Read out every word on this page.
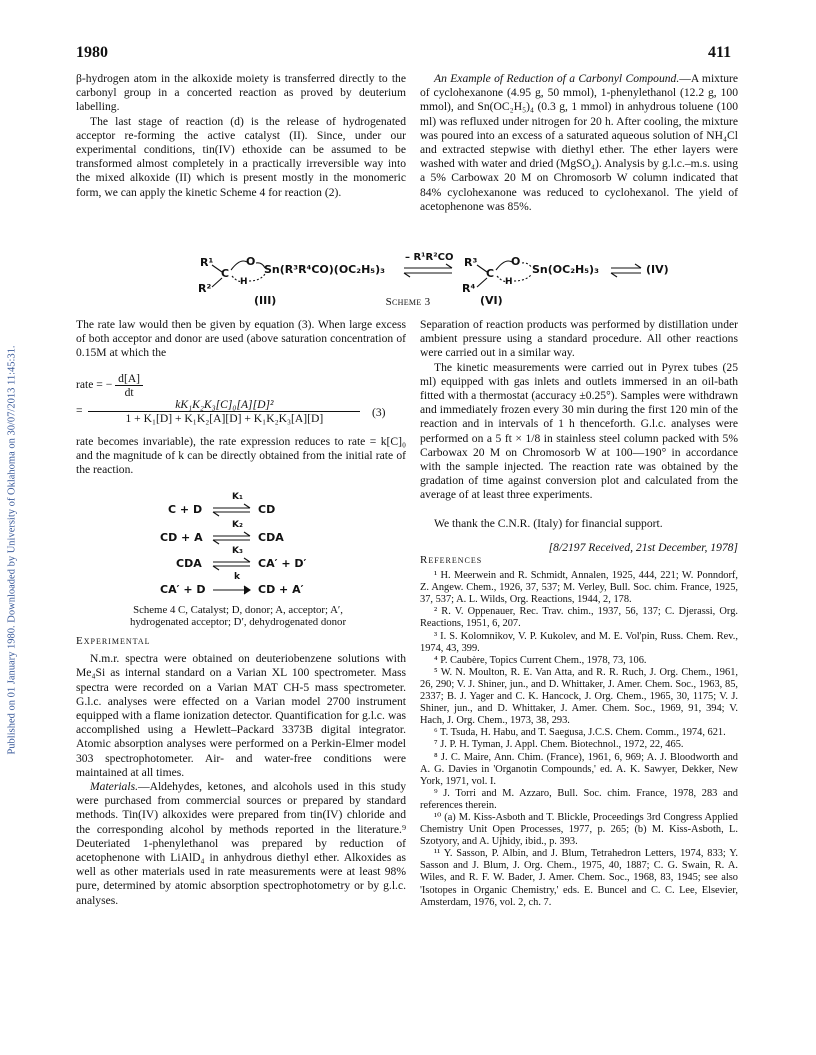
1980	411
Published on 01 January 1980. Downloaded by University of Oklahoma on 30/07/2013 11:45:31.

β-hydrogen atom in the alkoxide moiety is transferred directly to the carbonyl group in a concerted reaction as proved by deuterium labelling.

The last stage of reaction (d) is the release of hydrogenated acceptor re-forming the active catalyst (II). Since, under our experimental conditions, tin(IV) ethoxide can be assumed to be transformed almost completely in a practically irreversible way into the mixed alkoxide (II) which is present mostly in the monomeric form, we can apply the kinetic Scheme 4 for reaction (2).

An Example of Reduction of a Carbonyl Compound.—A mixture of cyclohexanone (4.95 g, 50 mmol), 1-phenylethanol (12.2 g, 100 mmol), and Sn(OC₂H₅)₄ (0.3 g, 1 mmol) in anhydrous toluene (100 ml) was refluxed under nitrogen for 20 h. After cooling, the mixture was poured into an excess of a saturated aqueous solution of NH₄Cl and extracted stepwise with diethyl ether. The ether layers were washed with water and dried (MgSO₄). Analysis by g.l.c.–m.s. using a 5% Carbowax 20 M on Chromosorb W column indicated that 84% cyclohexanone was reduced to cyclohexanol. The yield of acetophenone was 85%.

R¹
R²
C
O
H
Sn(R³R⁴CO)(OC₂H₅)₃
– R¹R²CO R³
R⁴
C
O
H
Sn(OC₂H₅)₃	(IV)
(III)	(VI)
Scheme 3

The rate law would then be given by equation (3). When large excess of both acceptor and donor are used (above saturation concentration of 0.15M at which the

rate = − $\frac{d[A]}{dt}$
= $\frac{\text{kK₁K₂K₃[C]₀[A][D]²}}{\text{1 + K₁[D] + K₁K₂[A][D] + K₁K₂K₃[A][D]}} (3)$

rate becomes invariable), the rate expression reduces to rate = k[C]₀ and the magnitude of k can be directly obtained from the initial rate of the reaction.

C + D
K₁
CD
CD + A
K₂
CDA
CDA
K₃
CA′ + D′
CA′ + D
k
CD + A′
Scheme 4 C, Catalyst; D, donor; A, acceptor; A′, hydrogenated acceptor; D′, dehydrogenated donor

Experimental

N.m.r. spectra were obtained on deuteriobenzene solutions with Me₄Si as internal standard on a Varian XL 100 spectrometer. Mass spectra were recorded on a Varian MAT CH-5 mass spectrometer. G.l.c. analyses were effected on a Varian model 2700 instrument equipped with a flame ionization detector. Quantification for g.l.c. was accomplished using a Hewlett–Packard 3373B digital integrator. Atomic absorption analyses were performed on a Perkin-Elmer model 303 spectrophotometer. Air- and water-free conditions were maintained at all times.

Materials.—Aldehydes, ketones, and alcohols used in this study were purchased from commercial sources or prepared by standard methods. Tin(IV) alkoxides were prepared from tin(IV) chloride and the corresponding alcohol by methods reported in the literature.⁹ Deuteriated 1-phenylethanol was prepared by reduction of acetophenone with LiAlD₄ in anhydrous diethyl ether. Alkoxides as well as other materials used in rate measurements were at least 98% pure, determined by atomic absorption spectrophotometry or by g.l.c. analyses.

Separation of reaction products was performed by distillation under ambient pressure using a standard procedure. All other reactions were carried out in a similar way.

The kinetic measurements were carried out in Pyrex tubes (25 ml) equipped with gas inlets and outlets immersed in an oil-bath fitted with a thermostat (accuracy ±0.25°). Samples were withdrawn and immediately frozen every 30 min during the first 120 min of the reaction and in intervals of 1 h thenceforth. G.l.c. analyses were performed on a 5 ft × 1/8 in stainless steel column packed with 5% Carbowax 20 M on Chromosorb W at 100—190° in accordance with the sample injected. The reaction rate was obtained by the gradation of time against conversion plot and calculated from the average of at least three experiments.

We thank the C.N.R. (Italy) for financial support.

[8/2197 Received, 21st December, 1978]

References

¹ H. Meerwein and R. Schmidt, Annalen, 1925, 444, 221; W. Ponndorf, Z. Angew. Chem., 1926, 37, 537; M. Verley, Bull. Soc. chim. France, 1925, 37, 537; A. L. Wilds, Org. Reactions, 1944, 2, 178.

² R. V. Oppenauer, Rec. Trav. chim., 1937, 56, 137; C. Djerassi, Org. Reactions, 1951, 6, 207.

³ I. S. Kolomnikov, V. P. Kukolev, and M. E. Vol'pin, Russ. Chem. Rev., 1974, 43, 399.

⁴ P. Caubère, Topics Current Chem., 1978, 73, 106.

⁵ W. N. Moulton, R. E. Van Atta, and R. R. Ruch, J. Org. Chem., 1961, 26, 290; V. J. Shiner, jun., and D. Whittaker, J. Amer. Chem. Soc., 1963, 85, 2337; B. J. Yager and C. K. Hancock, J. Org. Chem., 1965, 30, 1175; V. J. Shiner, jun., and D. Whittaker, J. Amer. Chem. Soc., 1969, 91, 394; V. Hach, J. Org. Chem., 1973, 38, 293.

⁶ T. Tsuda, H. Habu, and T. Saegusa, J.C.S. Chem. Comm., 1974, 621.

⁷ J. P. H. Tyman, J. Appl. Chem. Biotechnol., 1972, 22, 465.

⁸ J. C. Maire, Ann. Chim. (France), 1961, 6, 969; A. J. Bloodworth and A. G. Davies in 'Organotin Compounds,' ed. A. K. Sawyer, Dekker, New York, 1971, vol. I.

⁹ J. Torri and M. Azzaro, Bull. Soc. chim. France, 1978, 283 and references therein.

¹⁰ (a) M. Kiss-Asboth and T. Blickle, Proceedings 3rd Congress Applied Chemistry Unit Open Processes, 1977, p. 265; (b) M. Kiss-Asboth, L. Szotyory, and A. Ujhidy, ibid., p. 393.

¹¹ Y. Sasson, P. Albin, and J. Blum, Tetrahedron Letters, 1974, 833; Y. Sasson and J. Blum, J. Org. Chem., 1975, 40, 1887; C. G. Swain, R. A. Wiles, and R. F. W. Bader, J. Amer. Chem. Soc., 1968, 83, 1945; see also 'Isotopes in Organic Chemistry,' eds. E. Buncel and C. C. Lee, Elsevier, Amsterdam, 1976, vol. 2, ch. 7.
